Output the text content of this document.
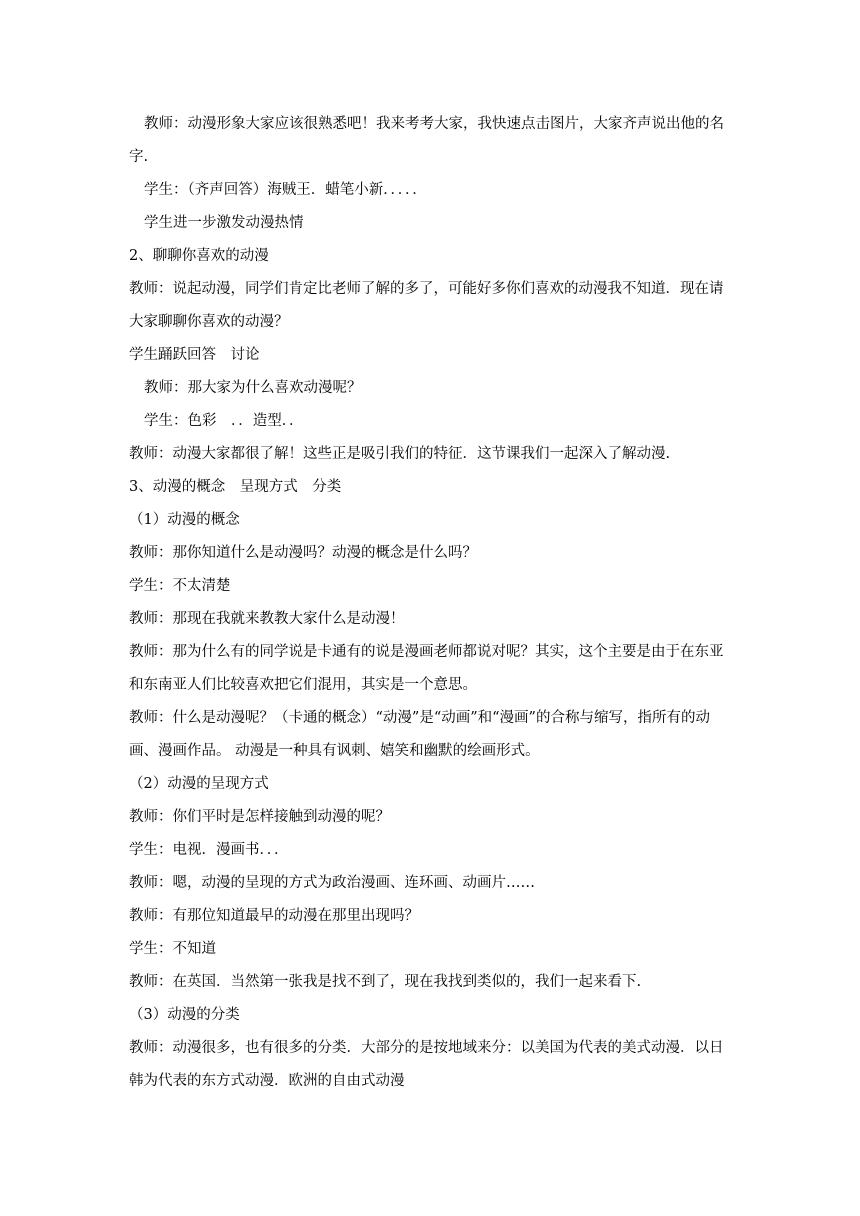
教师：动漫形象大家应该很熟悉吧！我来考考大家，我快速点击图片，大家齐声说出他的名字.

学生：（齐声回答）海贼王．蜡笔小新．．．．．

学生进一步激发动漫热情

2、聊聊你喜欢的动漫

教师：说起动漫，同学们肯定比老师了解的多了，可能好多你们喜欢的动漫我不知道．现在请大家聊聊你喜欢的动漫？

学生踊跃回答　讨论

教师：那大家为什么喜欢动漫呢？

学生：色彩　．．造型．．

教师：动漫大家都很了解！这些正是吸引我们的特征．这节课我们一起深入了解动漫.

3、动漫的概念　呈现方式　分类

（1）动漫的概念

教师：那你知道什么是动漫吗？动漫的概念是什么吗？

学生：不太清楚

教师：那现在我就来教教大家什么是动漫！

教师：那为什么有的同学说是卡通有的说是漫画老师都说对呢？其实，这个主要是由于在东亚和东南亚人们比较喜欢把它们混用，其实是一个意思。

教师：什么是动漫呢？（卡通的概念）“动漫”是“动画”和“漫画”的合称与缩写，指所有的动画、漫画作品。 动漫是一种具有讽刺、嬉笑和幽默的绘画形式。

（2）动漫的呈现方式

教师：你们平时是怎样接触到动漫的呢？

学生：电视．漫画书．．．

教师：嗯，动漫的呈现的方式为政治漫画、连环画、动画片……

教师：有那位知道最早的动漫在那里出现吗？

学生：不知道

教师：在英国．当然第一张我是找不到了，现在我找到类似的，我们一起来看下.

（3）动漫的分类

教师：动漫很多，也有很多的分类．大部分的是按地域来分：以美国为代表的美式动漫．以日韩为代表的东方式动漫．欧洲的自由式动漫
